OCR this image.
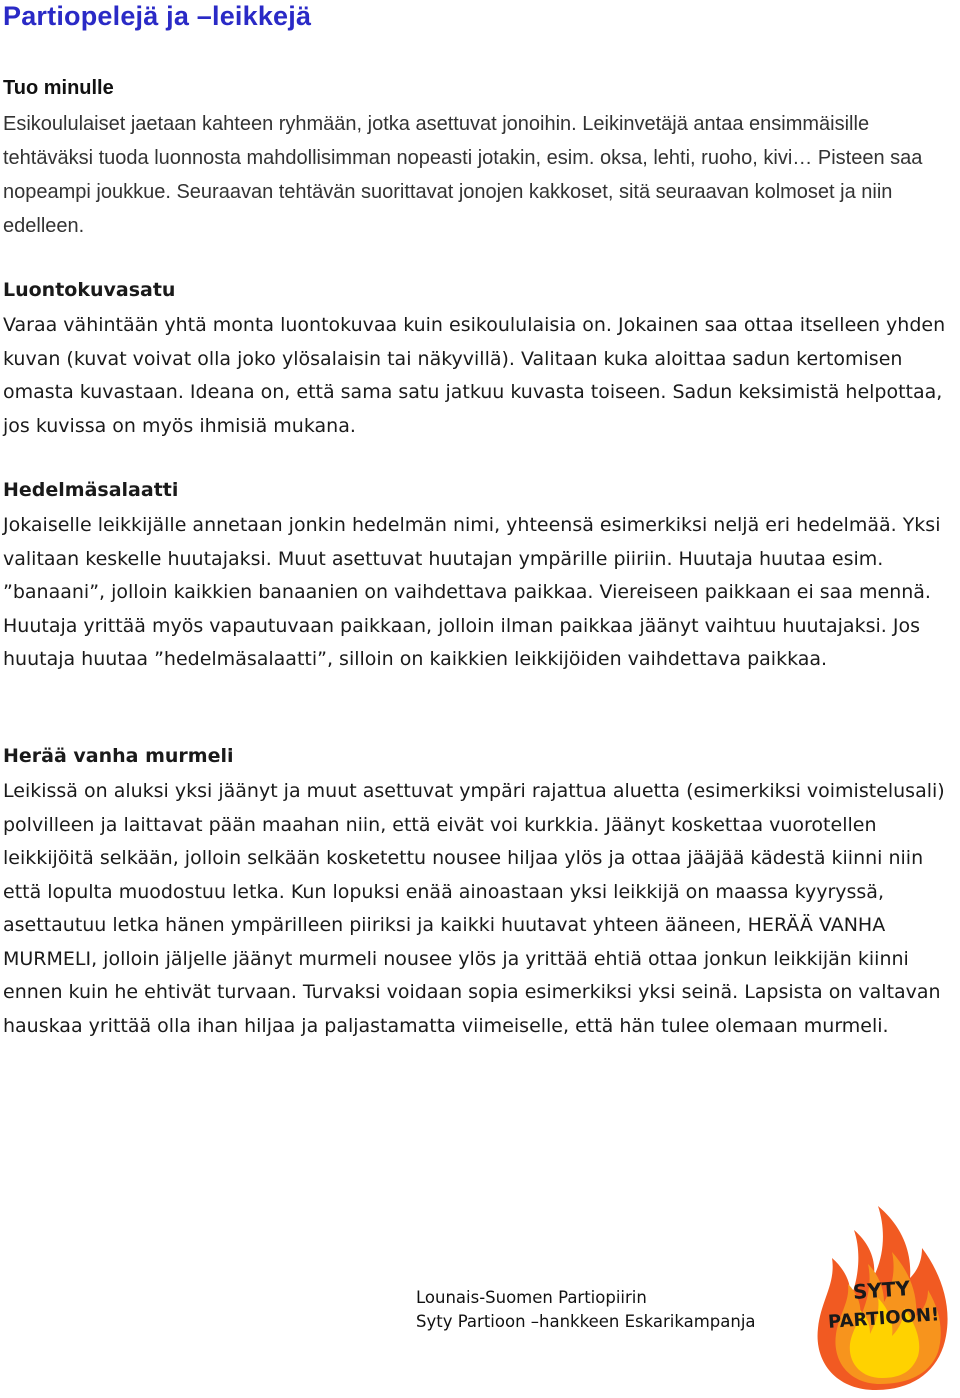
Partiopelejä ja –leikkejä
Tuo minulle

Esikoululaiset jaetaan kahteen ryhmään, jotka asettuvat jonoihin. Leikinvetäjä antaa ensimmäisille tehtäväksi tuoda luonnosta mahdollisimman nopeasti jotakin, esim. oksa, lehti, ruoho, kivi… Pisteen saa nopeampi joukkue. Seuraavan tehtävän suorittavat jonojen kakkoset, sitä seuraavan kolmoset ja niin edelleen.

Luontokuvasatu

Varaa vähintään yhtä monta luontokuvaa kuin esikoululaisia on. Jokainen saa ottaa itselleen yhden kuvan (kuvat voivat olla joko ylösalaisin tai näkyvillä). Valitaan kuka aloittaa sadun kertomisen omasta kuvastaan. Ideana on, että sama satu jatkuu kuvasta toiseen. Sadun keksimistä helpottaa, jos kuvissa on myös ihmisiä mukana.

Hedelmäsalaatti

Jokaiselle leikkijälle annetaan jonkin hedelmän nimi, yhteensä esimerkiksi neljä eri hedelmää. Yksi valitaan keskelle huutajaksi. Muut asettuvat huutajan ympärille piiriin. Huutaja huutaa esim. ”banaani”, jolloin kaikkien banaanien on vaihdettava paikkaa. Viereiseen paikkaan ei saa mennä. Huutaja yrittää myös vapautuvaan paikkaan, jolloin ilman paikkaa jäänyt vaihtuu huutajaksi. Jos huutaja huutaa ”hedelmäsalaatti”, silloin on kaikkien leikkijöiden vaihdettava paikkaa.

Herää vanha murmeli

Leikissä on aluksi yksi jäänyt ja muut asettuvat ympäri rajattua aluetta (esimerkiksi voimistelusali) polvilleen ja laittavat pään maahan niin, että eivät voi kurkkia. Jäänyt koskettaa vuorotellen leikkijöitä selkään, jolloin selkään kosketettu nousee hiljaa ylös ja ottaa jääjää kädestä kiinni niin että lopulta muodostuu letka. Kun lopuksi enää ainoastaan yksi leikkijä on maassa kyyryssä, asettautuu letka hänen ympärilleen piiriksi ja kaikki huutavat yhteen ääneen, HERÄÄ VANHA MURMELI, jolloin jäljelle jäänyt murmeli nousee ylös ja yrittää ehtiä ottaa jonkun leikkijän kiinni ennen kuin he ehtivät turvaan. Turvaksi voidaan sopia esimerkiksi yksi seinä. Lapsista on valtavan hauskaa yrittää olla ihan hiljaa ja paljastamatta viimeiselle, että hän tulee olemaan murmeli.

Lounais-Suomen Partiopiirin
Syty Partioon –hankkeen Eskarikampanja
SYTY
PARTIOON!
